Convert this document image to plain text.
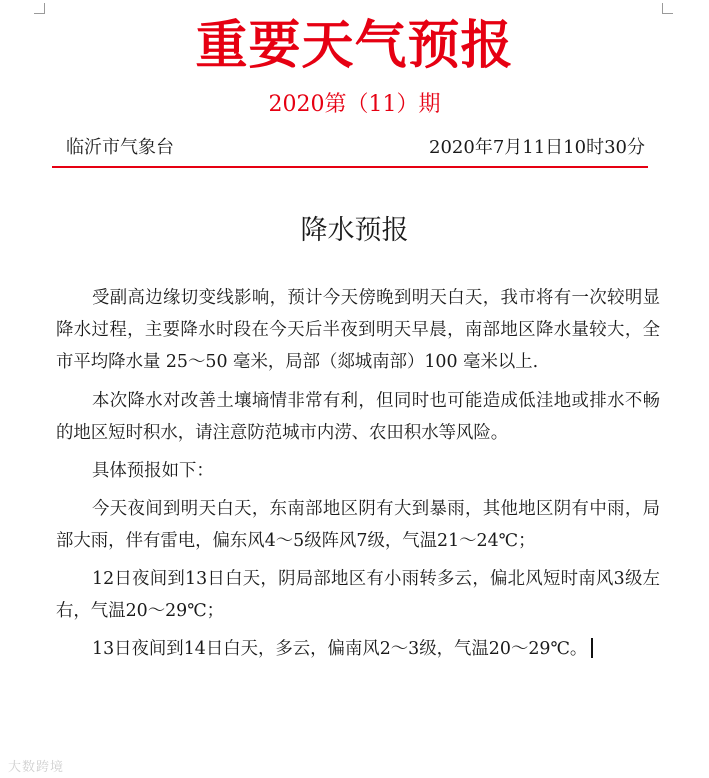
重要天气预报
2020第（11）期
临沂市气象台	2020年7月11日10时30分
降水预报

受副高边缘切变线影响，预计今天傍晚到明天白天，我市将有一次较明显降水过程，主要降水时段在今天后半夜到明天早晨，南部地区降水量较大，全市平均降水量 25～50 毫米，局部（郯城南部）100 毫米以上.

本次降水对改善土壤墒情非常有利，但同时也可能造成低洼地或排水不畅的地区短时积水，请注意防范城市内涝、农田积水等风险。

具体预报如下：

今天夜间到明天白天，东南部地区阴有大到暴雨，其他地区阴有中雨，局部大雨，伴有雷电，偏东风4～5级阵风7级，气温21～24℃；

12日夜间到13日白天，阴局部地区有小雨转多云，偏北风短时南风3级左右，气温20～29℃；

13日夜间到14日白天，多云，偏南风2～3级，气温20～29℃。

大数跨境
